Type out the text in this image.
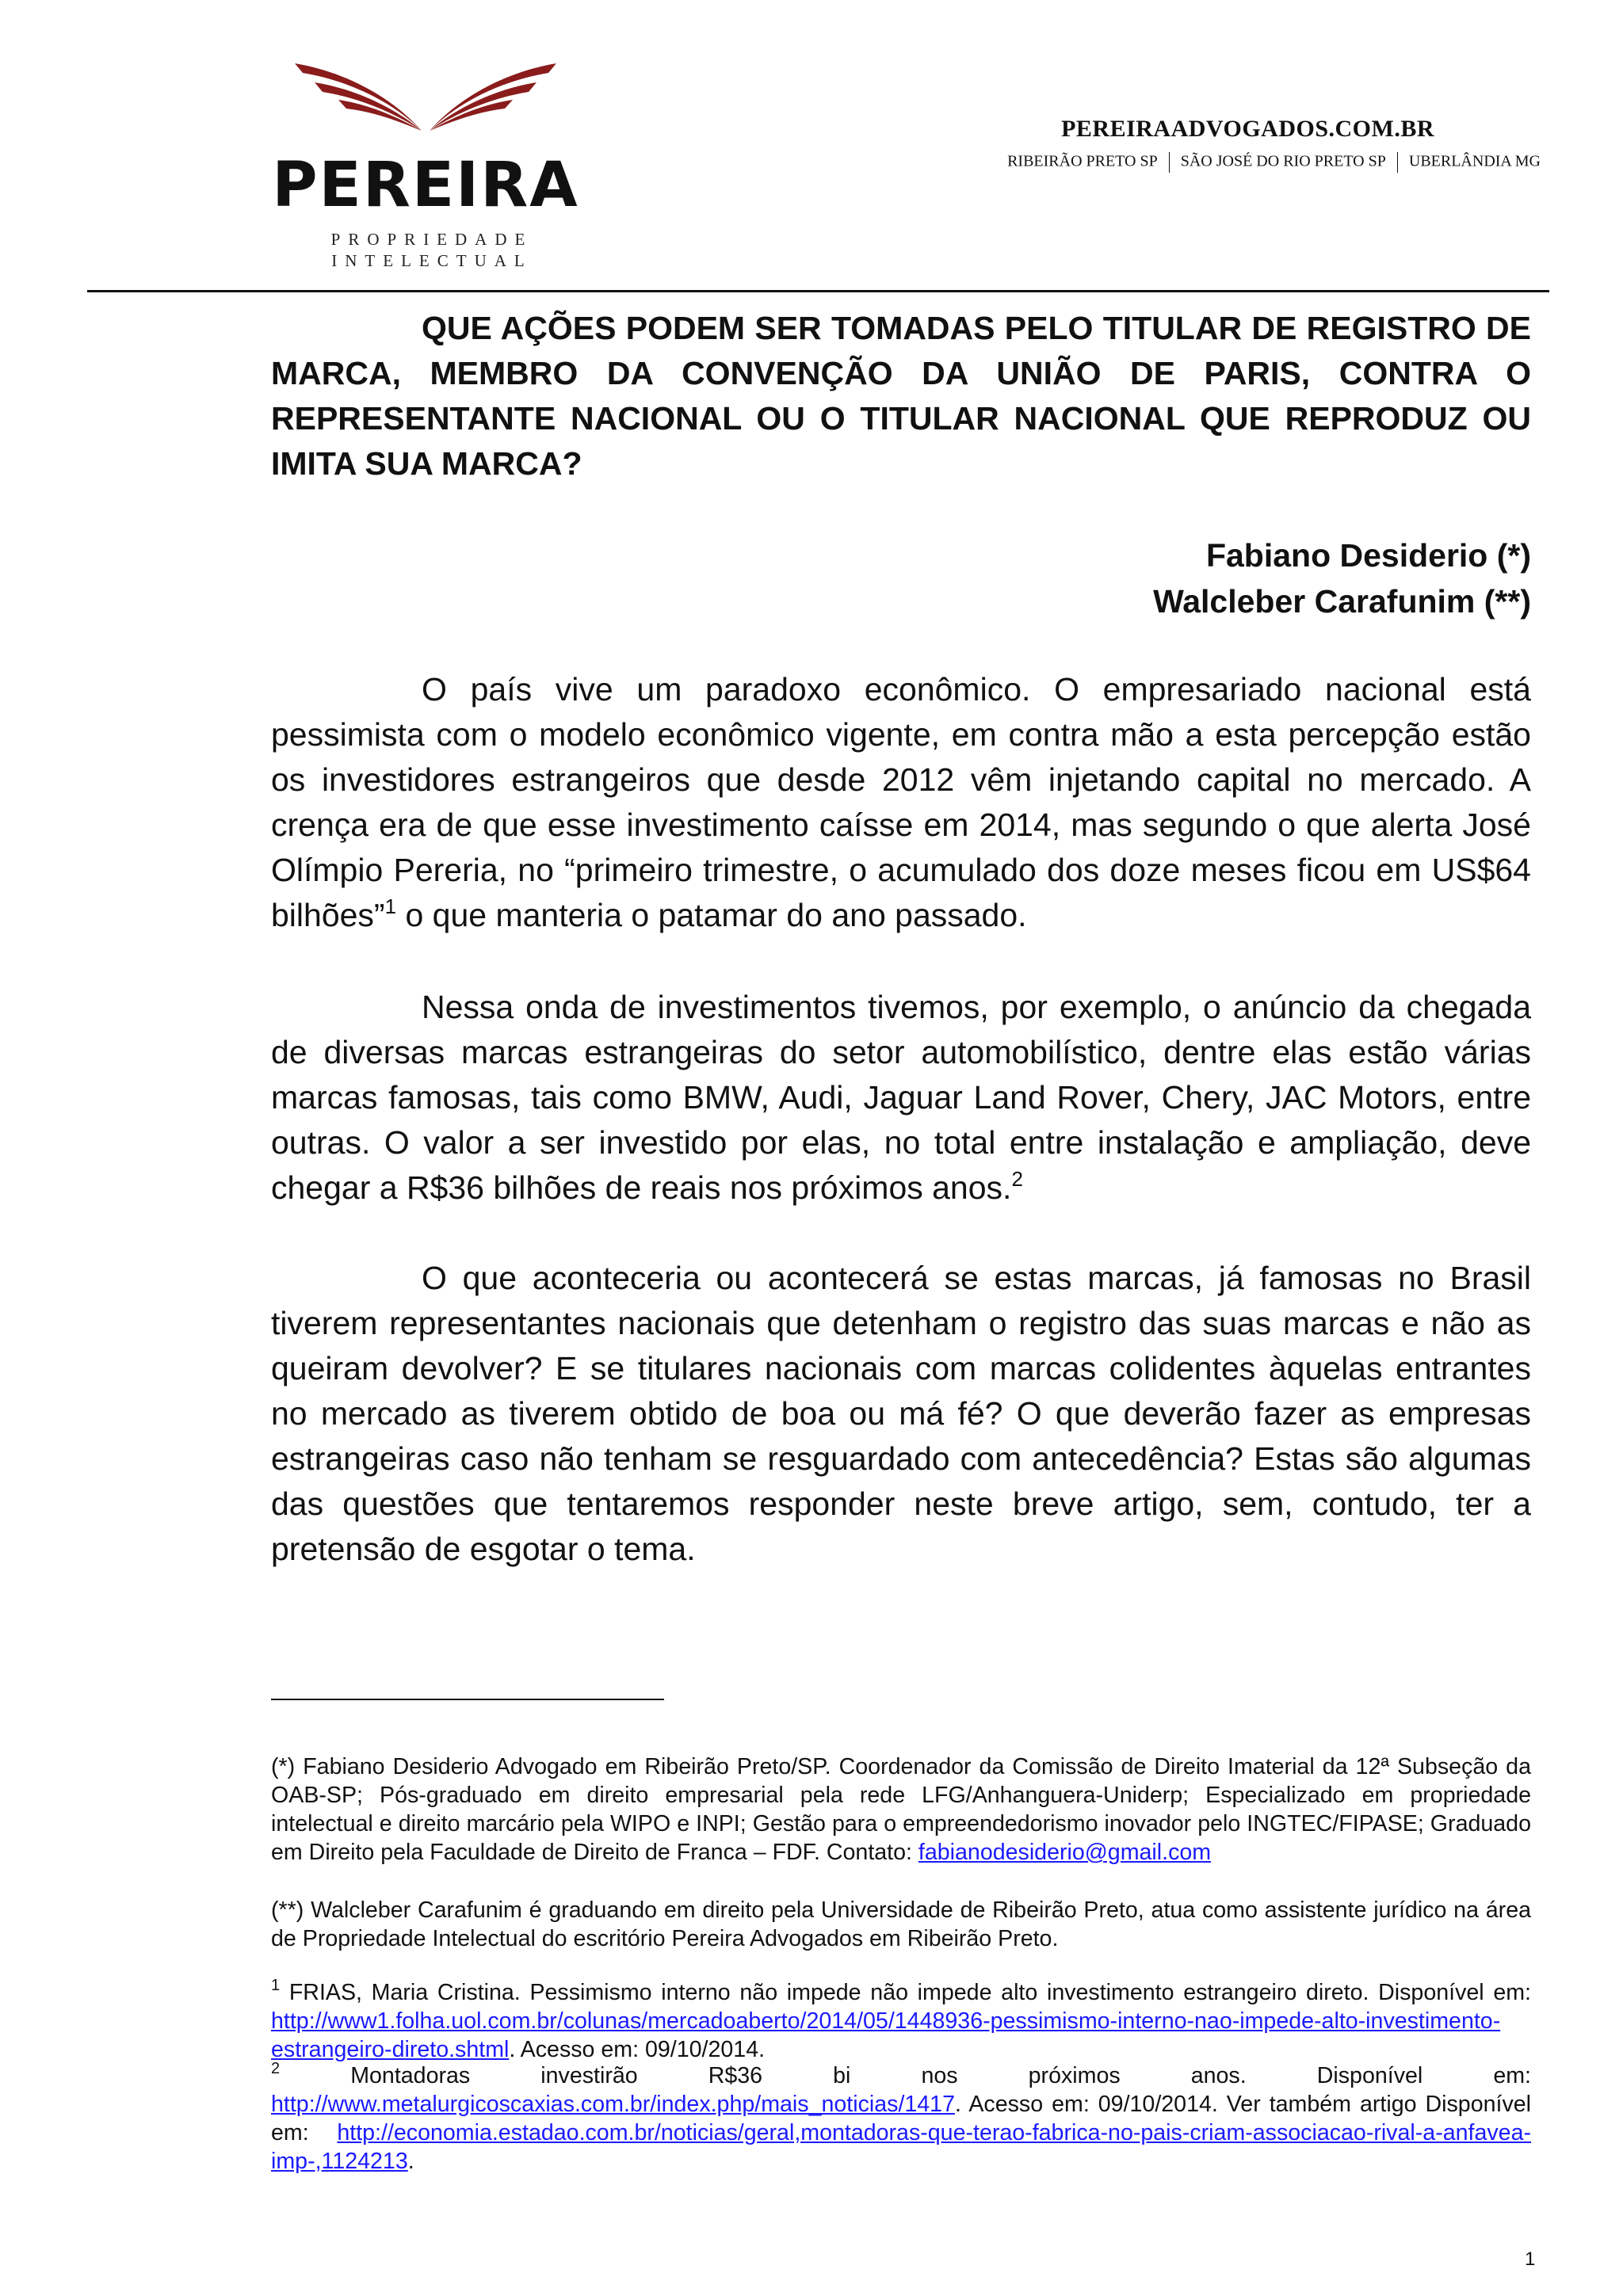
PEREIRA
PROPRIEDADE
INTELECTUAL
PEREIRAADVOGADOS.COM.BR
RIBEIRÃO PRETO SP SÃO JOSÉ DO RIO PRETO SP UBERLÂNDIA MG

QUE AÇÕES PODEM SER TOMADAS PELO TITULAR DE REGISTRO DE MARCA, MEMBRO DA CONVENÇÃO DA UNIÃO DE PARIS, CONTRA O REPRESENTANTE NACIONAL OU O TITULAR NACIONAL QUE REPRODUZ OU IMITA SUA MARCA?

Fabiano Desiderio (*)
Walcleber Carafunim (**)

O país vive um paradoxo econômico. O empresariado nacional está pessimista com o modelo econômico vigente, em contra mão a esta percepção estão os investidores estrangeiros que desde 2012 vêm injetando capital no mercado. A crença era de que esse investimento caísse em 2014, mas segundo o que alerta José Olímpio Pereria, no “primeiro trimestre, o acumulado dos doze meses ficou em US$64 bilhões”$^1$ o que manteria o patamar do ano passado.

Nessa onda de investimentos tivemos, por exemplo, o anúncio da chegada de diversas marcas estrangeiras do setor automobilístico, dentre elas estão várias marcas famosas, tais como BMW, Audi, Jaguar Land Rover, Chery, JAC Motors, entre outras. O valor a ser investido por elas, no total entre instalação e ampliação, deve chegar a R$36 bilhões de reais nos próximos anos.$^2$

O que aconteceria ou acontecerá se estas marcas, já famosas no Brasil tiverem representantes nacionais que detenham o registro das suas marcas e não as queiram devolver? E se titulares nacionais com marcas colidentes àquelas entrantes no mercado as tiverem obtido de boa ou má fé? O que deverão fazer as empresas estrangeiras caso não tenham se resguardado com antecedência? Estas são algumas das questões que tentaremos responder neste breve artigo, sem, contudo, ter a pretensão de esgotar o tema.

(*) Fabiano Desiderio Advogado em Ribeirão Preto/SP. Coordenador da Comissão de Direito Imaterial da 12ª Subseção da OAB-SP; Pós-graduado em direito empresarial pela rede LFG/Anhanguera-Uniderp; Especializado em propriedade intelectual e direito marcário pela WIPO e INPI; Gestão para o empreendedorismo inovador pelo INGTEC/FIPASE; Graduado em Direito pela Faculdade de Direito de Franca – FDF. Contato: fabianodesiderio@gmail.com

(**) Walcleber Carafunim é graduando em direito pela Universidade de Ribeirão Preto, atua como assistente jurídico na área de Propriedade Intelectual do escritório Pereira Advogados em Ribeirão Preto.

$^1$ FRIAS, Maria Cristina. Pessimismo interno não impede não impede alto investimento estrangeiro direto. Disponível em: http://www1.folha.uol.com.br/colunas/mercadoaberto/2014/05/1448936-pessimismo-interno-nao-impede-alto-investimento-estrangeiro-direto.shtml. Acesso em: 09/10/2014.

$^2$ Montadoras investirão R$36 bi nos próximos anos. Disponível em: http://www.metalurgicoscaxias.com.br/index.php/mais_noticias/1417. Acesso em: 09/10/2014. Ver também artigo Disponível em: http://economia.estadao.com.br/noticias/geral,montadoras-que-terao-fabrica-no-pais-criam-associacao-rival-a-anfavea-imp-,1124213.

1
